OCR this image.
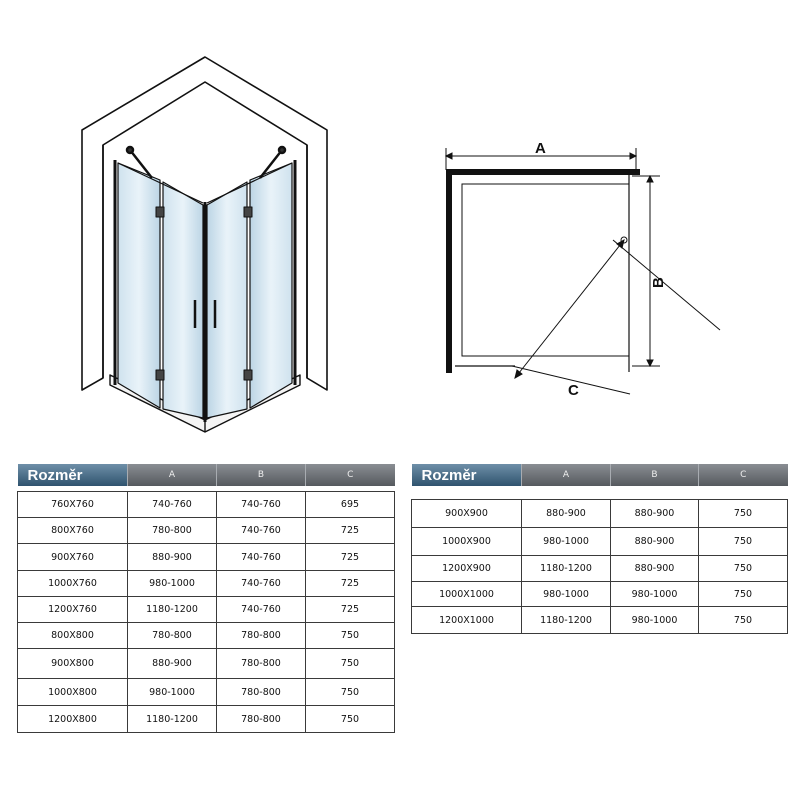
A
B
C
Rozměr	A	B	C

760X760	740-760	740-760	695
800X760	780-800	740-760	725
900X760	880-900	740-760	725
1000X760	980-1000	740-760	725
1200X760	1180-1200	740-760	725
800X800	780-800	780-800	750
900X800	880-900	780-800	750
1000X800	980-1000	780-800	750
1200X800	1180-1200	780-800	750
Rozměr	A	B	C

900X900	880-900	880-900	750
1000X900	980-1000	880-900	750
1200X900	1180-1200	880-900	750
1000X1000	980-1000	980-1000	750
1200X1000	1180-1200	980-1000	750
